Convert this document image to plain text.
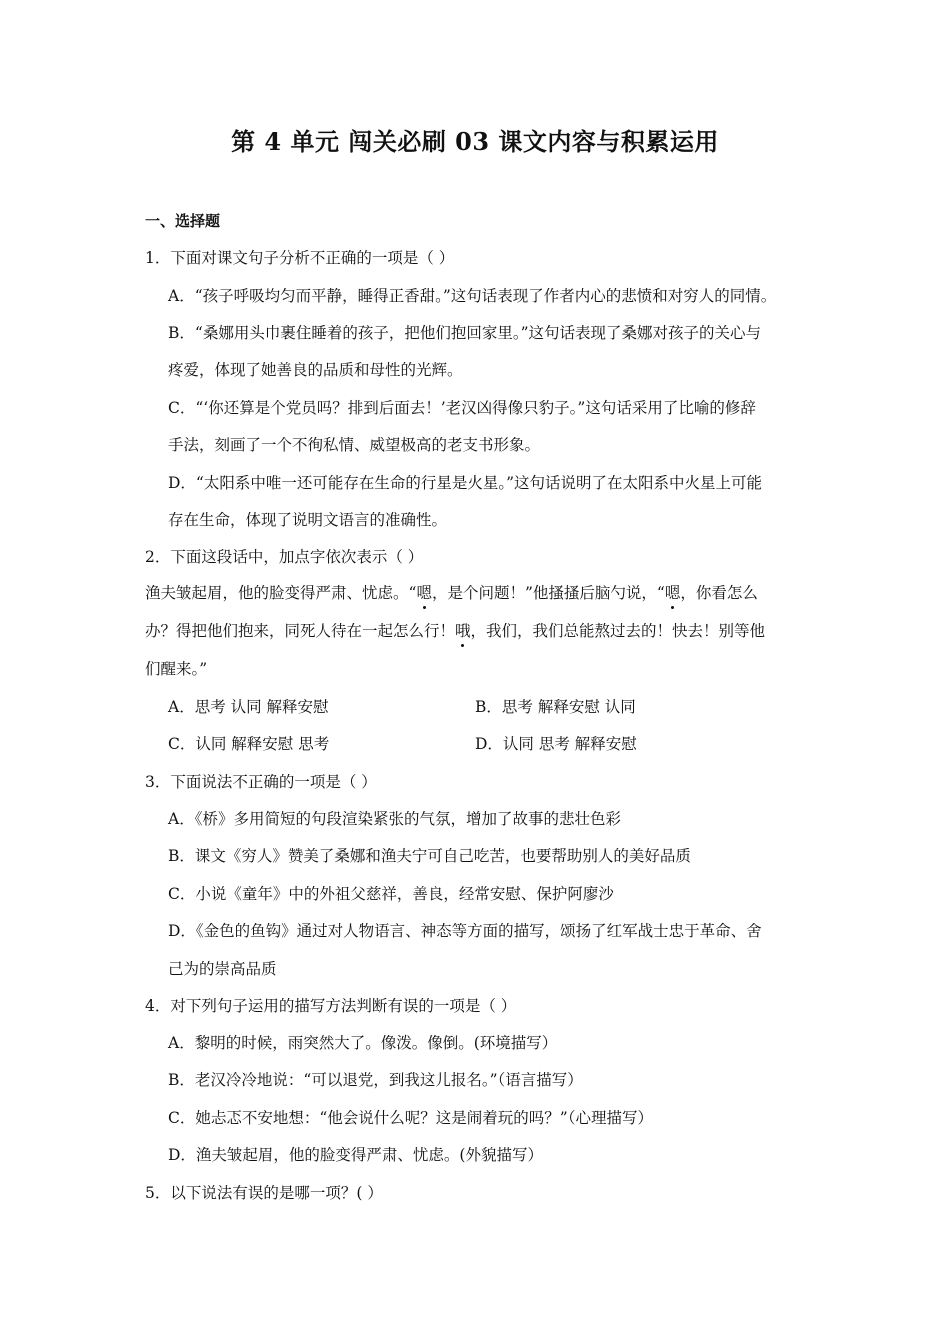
第 4 单元 闯关必刷 03 课文内容与积累运用
一、选择题
1．下面对课文句子分析不正确的一项是（ ）
A．“孩子呼吸均匀而平静，睡得正香甜。”这句话表现了作者内心的悲愤和对穷人的同情。
B．“桑娜用头巾裹住睡着的孩子，把他们抱回家里。”这句话表现了桑娜对孩子的关心与
疼爱，体现了她善良的品质和母性的光辉。
C．“‘你还算是个党员吗？排到后面去！’老汉凶得像只豹子。”这句话采用了比喻的修辞
手法，刻画了一个不徇私情、威望极高的老支书形象。
D．“太阳系中唯一还可能存在生命的行星是火星。”这句话说明了在太阳系中火星上可能
存在生命，体现了说明文语言的准确性。
2．下面这段话中，加点字依次表示（ ）
渔夫皱起眉，他的脸变得严肃、忧虑。“嗯，是个问题！”他搔搔后脑勺说，“嗯，你看怎么
办？得把他们抱来，同死人待在一起怎么行！哦，我们，我们总能熬过去的！快去！别等他
们醒来。”
A．思考 认同 解释安慰	B．思考 解释安慰 认同
C．认同 解释安慰 思考	D．认同 思考 解释安慰
3．下面说法不正确的一项是（ ）
A．《桥》多用简短的句段渲染紧张的气氛，增加了故事的悲壮色彩
B．课文《穷人》赞美了桑娜和渔夫宁可自己吃苦，也要帮助别人的美好品质
C．小说《童年》中的外祖父慈祥，善良，经常安慰、保护阿廖沙
D．《金色的鱼钩》通过对人物语言、神态等方面的描写，颂扬了红军战士忠于革命、舍
己为的崇高品质
4．对下列句子运用的描写方法判断有误的一项是（ ）
A．黎明的时候，雨突然大了。像泼。像倒。(环境描写）
B．老汉冷冷地说：“可以退党，到我这儿报名。”（语言描写）
C．她忐忑不安地想：“他会说什么呢？这是闹着玩的吗？”（心理描写）
D．渔夫皱起眉，他的脸变得严肃、忧虑。(外貌描写）
5．以下说法有误的是哪一项？( ）
